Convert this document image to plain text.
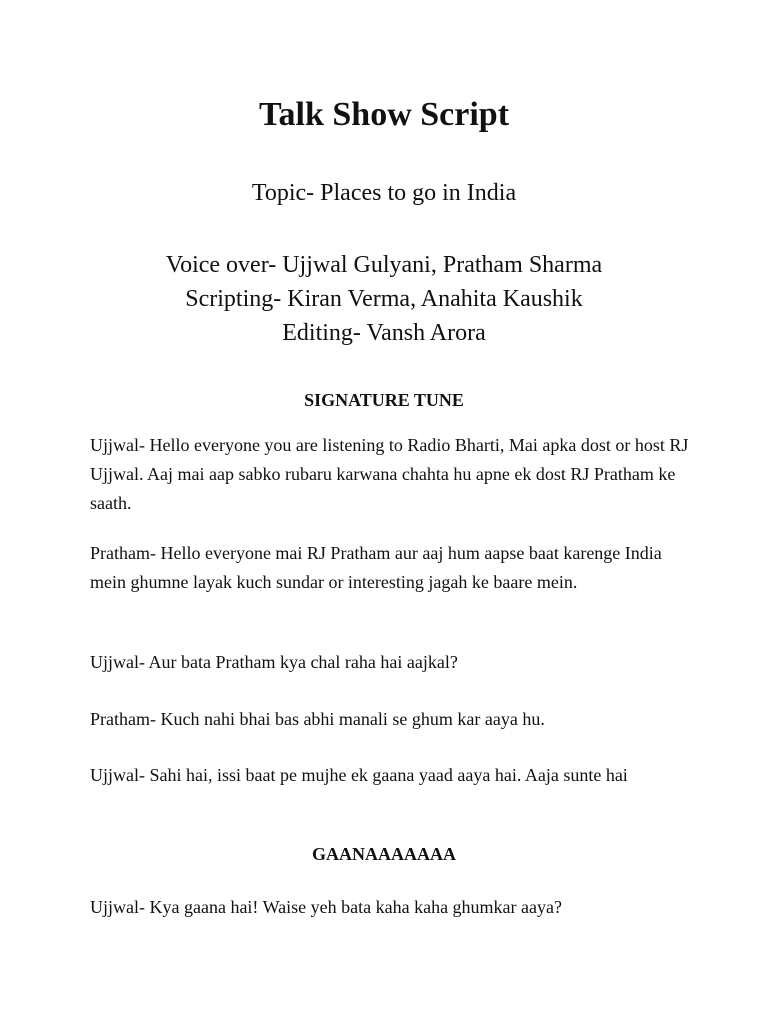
Talk Show Script
Topic- Places to go in India
Voice over- Ujjwal Gulyani, Pratham Sharma
Scripting- Kiran Verma, Anahita Kaushik
Editing- Vansh Arora
SIGNATURE TUNE
Ujjwal- Hello everyone you are listening to Radio Bharti, Mai apka dost or host RJ Ujjwal. Aaj mai aap sabko rubaru karwana chahta hu apne ek dost RJ Pratham ke saath.
Pratham- Hello everyone mai RJ Pratham aur aaj hum aapse baat karenge India mein ghumne layak kuch sundar or interesting jagah ke baare mein.
Ujjwal- Aur bata Pratham kya chal raha hai aajkal?
Pratham- Kuch nahi bhai bas abhi manali se ghum kar aaya hu.
Ujjwal- Sahi hai, issi baat pe mujhe ek gaana yaad aaya hai. Aaja sunte hai
GAANAAAAAAA
Ujjwal- Kya gaana hai! Waise yeh bata kaha kaha ghumkar aaya?
